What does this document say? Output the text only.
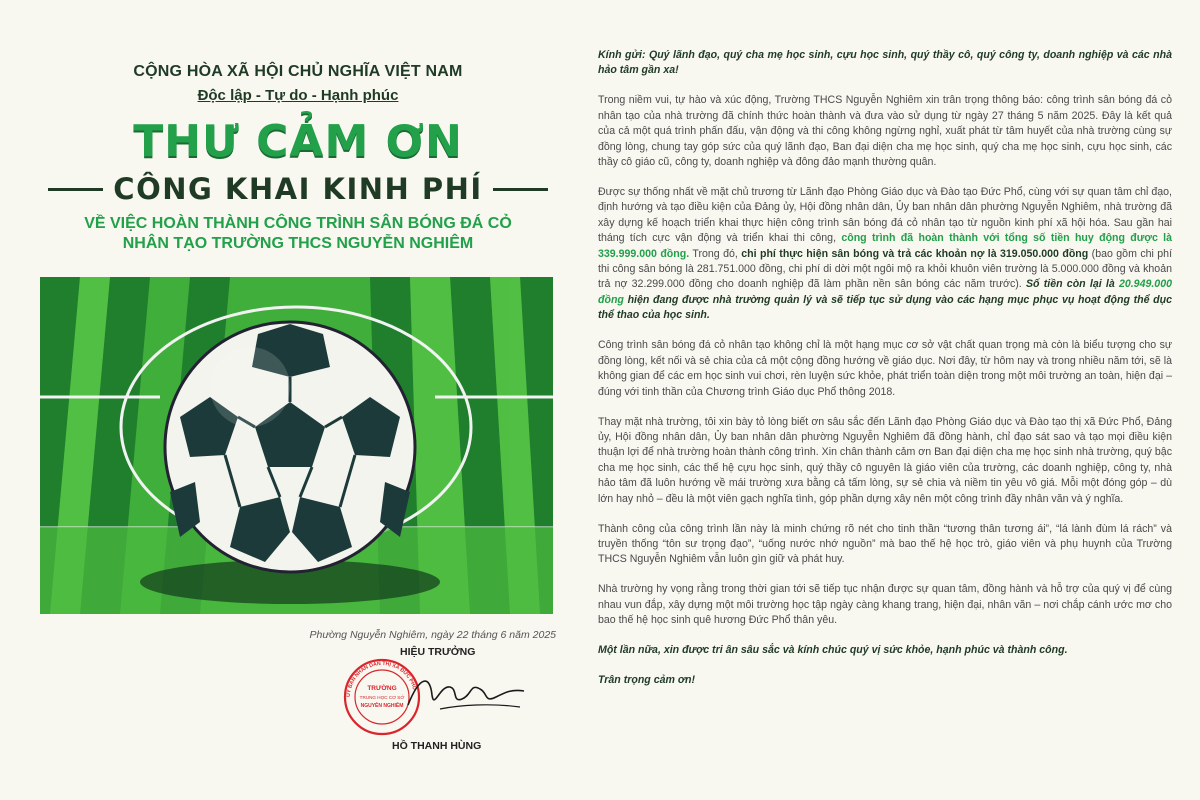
CỘNG HÒA XÃ HỘI CHỦ NGHĨA VIỆT NAM
Độc lập - Tự do - Hạnh phúc
THƯ CẢM ƠN
CÔNG KHAI KINH PHÍ
VỀ VIỆC HOÀN THÀNH CÔNG TRÌNH SÂN BÓNG ĐÁ CỎ
NHÂN TẠO TRƯỜNG THCS NGUYỄN NGHIÊM
Phường Nguyễn Nghiêm, ngày 22 tháng 6 năm 2025
HIỆU TRƯỞNG
ỦY BAN NHÂN DÂN THỊ XÃ ĐỨC PHỔ
TRƯỜNG
TRUNG HỌC CƠ SỞ
NGUYỄN NGHIÊM
HỒ THANH HÙNG

Kính gửi: Quý lãnh đạo, quý cha mẹ học sinh, cựu học sinh, quý thầy cô, quý công ty, doanh nghiệp và các nhà hảo tâm gần xa!

Trong niềm vui, tự hào và xúc động, Trường THCS Nguyễn Nghiêm xin trân trọng thông báo: công trình sân bóng đá cỏ nhân tạo của nhà trường đã chính thức hoàn thành và đưa vào sử dụng từ ngày 27 tháng 5 năm 2025. Đây là kết quả của cả một quá trình phấn đấu, vận động và thi công không ngừng nghỉ, xuất phát từ tâm huyết của nhà trường cùng sự đồng lòng, chung tay góp sức của quý lãnh đạo, Ban đại diện cha mẹ học sinh, quý cha mẹ học sinh, cựu học sinh, các thầy cô giáo cũ, công ty, doanh nghiệp và đông đảo mạnh thường quân.

Được sự thống nhất về mặt chủ trương từ Lãnh đạo Phòng Giáo dục và Đào tạo Đức Phổ, cùng với sự quan tâm chỉ đạo, định hướng và tạo điều kiện của Đảng ủy, Hội đồng nhân dân, Ủy ban nhân dân phường Nguyễn Nghiêm, nhà trường đã xây dựng kế hoạch triển khai thực hiện công trình sân bóng đá cỏ nhân tạo từ nguồn kinh phí xã hội hóa. Sau gần hai tháng tích cực vận động và triển khai thi công, công trình đã hoàn thành với tổng số tiền huy động được là 339.999.000 đồng. Trong đó, chi phí thực hiện sân bóng và trả các khoản nợ là 319.050.000 đồng (bao gồm chi phí thi công sân bóng là 281.751.000 đồng, chi phí di dời một ngôi mộ ra khỏi khuôn viên trường là 5.000.000 đồng và khoản trả nợ 32.299.000 đồng cho doanh nghiệp đã làm phần nền sân bóng các năm trước). Số tiền còn lại là 20.949.000 đồng hiện đang được nhà trường quản lý và sẽ tiếp tục sử dụng vào các hạng mục phục vụ hoạt động thể dục thể thao của học sinh.

Công trình sân bóng đá cỏ nhân tạo không chỉ là một hạng mục cơ sở vật chất quan trọng mà còn là biểu tượng cho sự đồng lòng, kết nối và sẻ chia của cả một cộng đồng hướng về giáo dục. Nơi đây, từ hôm nay và trong nhiều năm tới, sẽ là không gian để các em học sinh vui chơi, rèn luyện sức khỏe, phát triển toàn diện trong một môi trường an toàn, hiện đại – đúng với tinh thần của Chương trình Giáo dục Phổ thông 2018.

Thay mặt nhà trường, tôi xin bày tỏ lòng biết ơn sâu sắc đến Lãnh đạo Phòng Giáo dục và Đào tạo thị xã Đức Phổ, Đảng ủy, Hội đồng nhân dân, Ủy ban nhân dân phường Nguyễn Nghiêm đã đồng hành, chỉ đạo sát sao và tạo mọi điều kiện thuận lợi để nhà trường hoàn thành công trình. Xin chân thành cảm ơn Ban đại diện cha mẹ học sinh nhà trường, quý bậc cha mẹ học sinh, các thế hệ cựu học sinh, quý thầy cô nguyên là giáo viên của trường, các doanh nghiệp, công ty, nhà hảo tâm đã luôn hướng về mái trường xưa bằng cả tấm lòng, sự sẻ chia và niềm tin yêu vô giá. Mỗi một đóng góp – dù lớn hay nhỏ – đều là một viên gạch nghĩa tình, góp phần dựng xây nên một công trình đầy nhân văn và ý nghĩa.

Thành công của công trình lần này là minh chứng rõ nét cho tinh thần “tương thân tương ái”, “lá lành đùm lá rách” và truyền thống “tôn sư trọng đạo”, “uống nước nhớ nguồn” mà bao thế hệ học trò, giáo viên và phụ huynh của Trường THCS Nguyễn Nghiêm vẫn luôn gìn giữ và phát huy.

Nhà trường hy vọng rằng trong thời gian tới sẽ tiếp tục nhận được sự quan tâm, đồng hành và hỗ trợ của quý vị để cùng nhau vun đắp, xây dựng một môi trường học tập ngày càng khang trang, hiện đại, nhân văn – nơi chắp cánh ước mơ cho bao thế hệ học sinh quê hương Đức Phổ thân yêu.

Một lần nữa, xin được tri ân sâu sắc và kính chúc quý vị sức khỏe, hạnh phúc và thành công.

Trân trọng cảm ơn!
